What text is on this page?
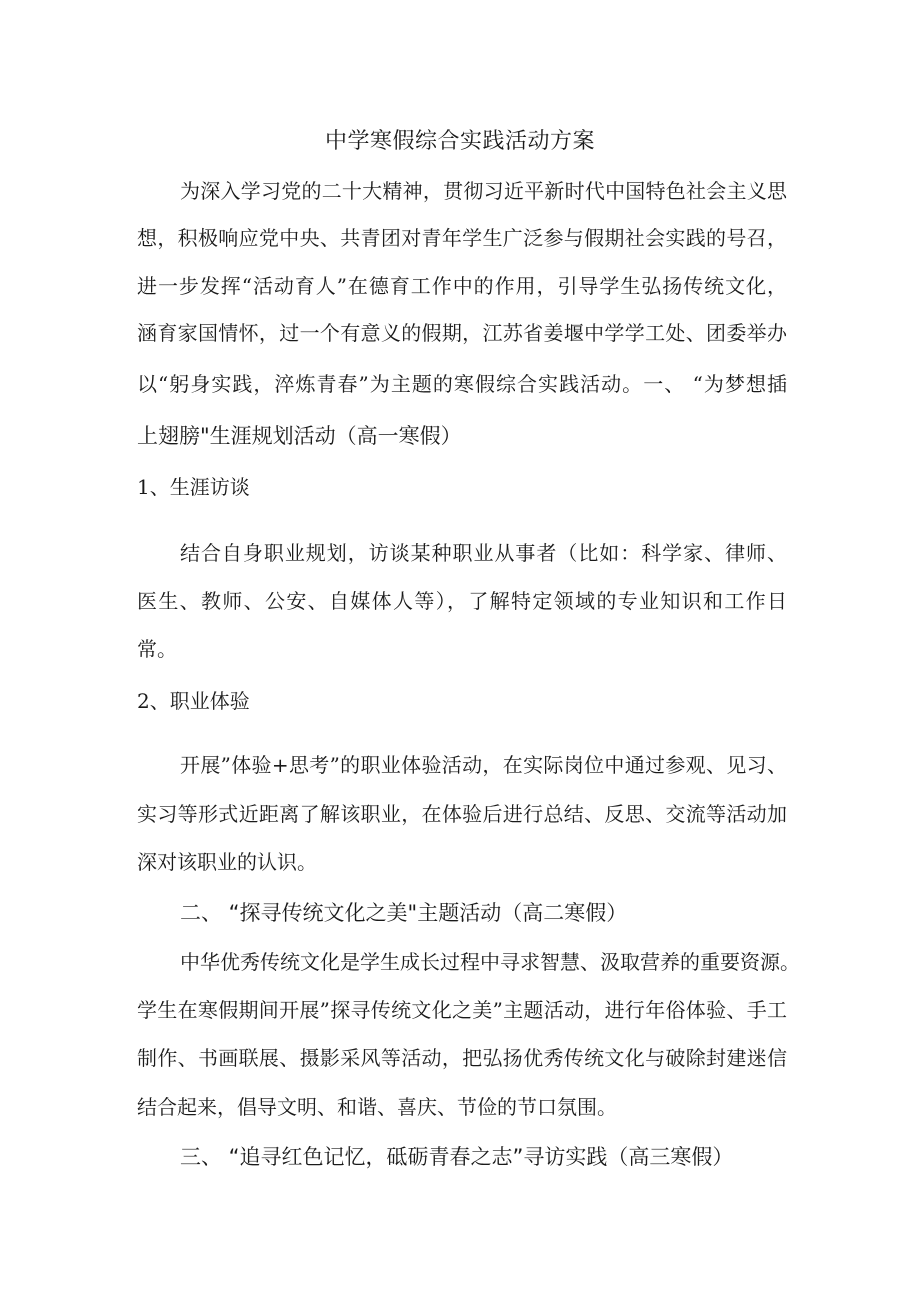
中学寒假综合实践活动方案
为深入学习党的二十大精神，贯彻习近平新时代中国特色社会主义思
想，积极响应党中央、共青团对青年学生广泛参与假期社会实践的号召，
进一步发挥“活动育人”在德育工作中的作用，引导学生弘扬传统文化，
涵育家国情怀，过一个有意义的假期，江苏省姜堰中学学工处、团委举办
以“躬身实践，淬炼青春”为主题的寒假综合实践活动。一、 “为梦想插
上翅膀"生涯规划活动（高一寒假）
1、生涯访谈
结合自身职业规划，访谈某种职业从事者（比如：科学家、律师、
医生、教师、公安、自媒体人等），了解特定领域的专业知识和工作日
常。
2、职业体验
开展”体验+思考”的职业体验活动，在实际岗位中通过参观、见习、
实习等形式近距离了解该职业，在体验后进行总结、反思、交流等活动加
深对该职业的认识。
二、 “探寻传统文化之美"主题活动（高二寒假）
中华优秀传统文化是学生成长过程中寻求智慧、汲取营养的重要资源。
学生在寒假期间开展”探寻传统文化之美”主题活动，进行年俗体验、手工
制作、书画联展、摄影采风等活动，把弘扬优秀传统文化与破除封建迷信
结合起来，倡导文明、和谐、喜庆、节俭的节口氛围。
三、 “追寻红色记忆，砥砺青春之志”寻访实践（高三寒假）
